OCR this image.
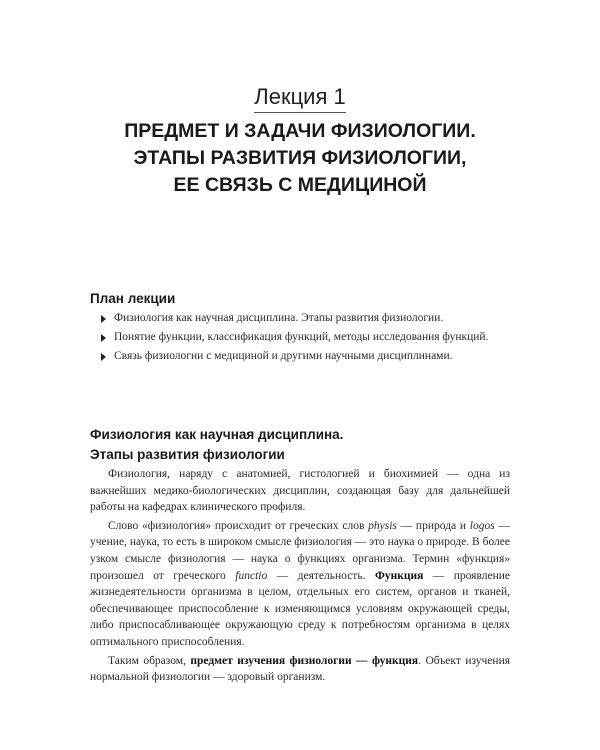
Лекция 1
ПРЕДМЕТ И ЗАДАЧИ ФИЗИОЛОГИИ.
ЭТАПЫ РАЗВИТИЯ ФИЗИОЛОГИИ,
ЕЕ СВЯЗЬ С МЕДИЦИНОЙ
План лекции
Физиология как научная дисциплина. Этапы развития физиологии.
Понятие функции, классификация функций, методы исследования функций.
Связь физиологии с медициной и другими научными дисциплинами.
Физиология как научная дисциплина.
Этапы развития физиологии

Физиология, наряду с анатомией, гистологией и биохимией — одна из важнейших медико-биологических дисциплин, создающая базу для дальнейшей работы на кафедрах клинического профиля.

Слово «физиология» происходит от греческих слов physis — природа и logos — учение, наука, то есть в широком смысле физиология — это наука о природе. В более узком смысле физиология — наука о функциях организма. Термин «функция» произошел от греческого functio — деятельность. Функция — проявление жизнедеятельности организма в целом, отдельных его систем, органов и тканей, обеспечивающее приспособление к изменяющимся условиям окружающей среды, либо приспосабливающее окружающую среду к потребностям организма в целях оптимального приспособления.

Таким образом, предмет изучения физиологии — функция. Объект изучения нормальной физиологии — здоровый организм.
